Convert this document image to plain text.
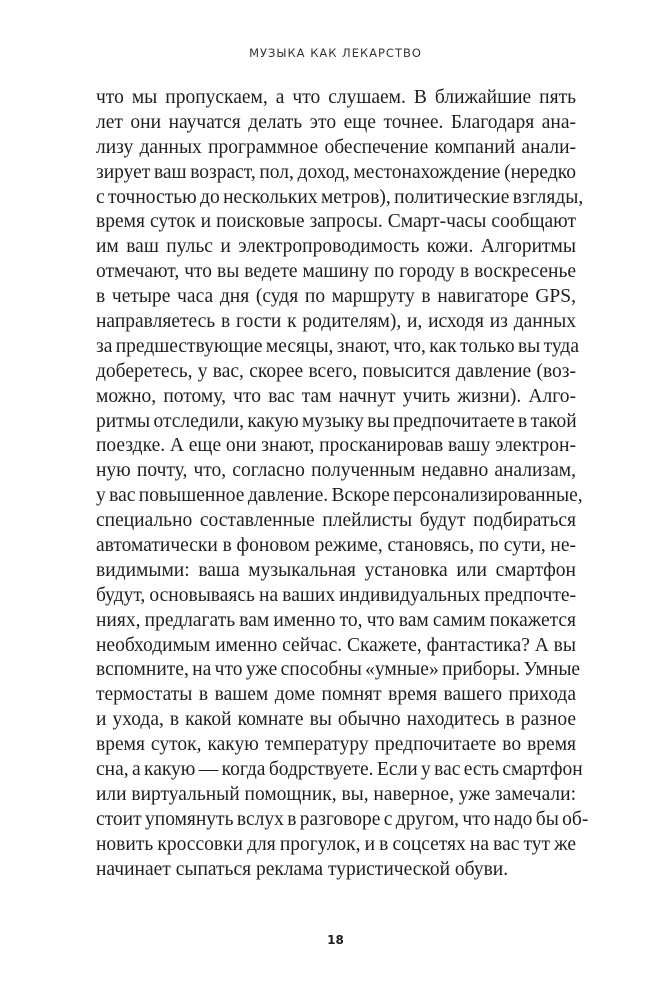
МУЗЫКА КАК ЛЕКАРСТВО
что мы пропускаем, а что слушаем. В ближайшие пять
лет они научатся делать это еще точнее. Благодаря ана-
лизу данных программное обеспечение компаний анали-
зирует ваш возраст, пол, доход, местонахождение (нередко
с точностью до нескольких метров), политические взгляды,
время суток и поисковые запросы. Смарт-часы сообщают
им ваш пульс и электропроводимость кожи. Алгоритмы
отмечают, что вы ведете машину по городу в воскресенье
в четыре часа дня (судя по маршруту в навигаторе GPS,
направляетесь в гости к родителям), и, исходя из данных
за предшествующие месяцы, знают, что, как только вы туда
доберетесь, у вас, скорее всего, повысится давление (воз-
можно, потому, что вас там начнут учить жизни). Алго-
ритмы отследили, какую музыку вы предпочитаете в такой
поездке. А еще они знают, просканировав вашу электрон-
ную почту, что, согласно полученным недавно анализам,
у вас повышенное давление. Вскоре персонализированные,
специально составленные плейлисты будут подбираться
автоматически в фоновом режиме, становясь, по сути, не-
видимыми: ваша музыкальная установка или смартфон
будут, основываясь на ваших индивидуальных предпочте-
ниях, предлагать вам именно то, что вам самим покажется
необходимым именно сейчас. Скажете, фантастика? А вы
вспомните, на что уже способны «умные» приборы. Умные
термостаты в вашем доме помнят время вашего прихода
и ухода, в какой комнате вы обычно находитесь в разное
время суток, какую температуру предпочитаете во время
сна, а какую — когда бодрствуете. Если у вас есть смартфон
или виртуальный помощник, вы, наверное, уже замечали:
стоит упомянуть вслух в разговоре с другом, что надо бы об-
новить кроссовки для прогулок, и в соцсетях на вас тут же
начинает сыпаться реклама туристической обуви.
18
